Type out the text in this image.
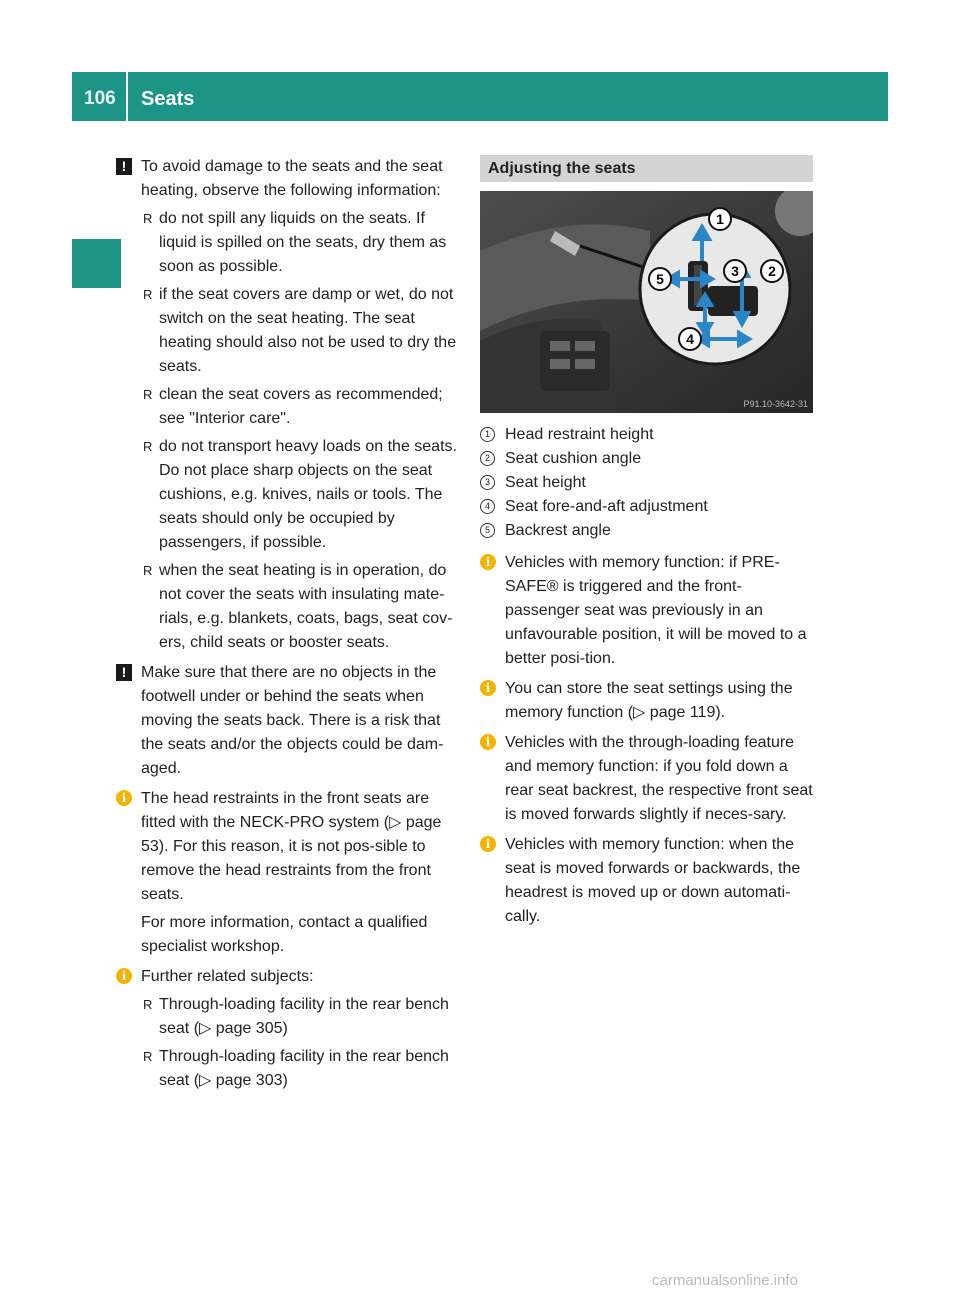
106 Seats
! To avoid damage to the seats and the seat heating, observe the following information:

R do not spill any liquids on the seats. If liquid is spilled on the seats, dry them as soon as possible.
R if the seat covers are damp or wet, do not switch on the seat heating. The seat heating should also not be used to dry the seats.
R clean the seat covers as recommended; see "Interior care".
R do not transport heavy loads on the seats. Do not place sharp objects on the seat cushions, e.g. knives, nails or tools. The seats should only be occupied by passengers, if possible.
R when the seat heating is in operation, do not cover the seats with insulating mate-rials, e.g. blankets, coats, bags, seat cov-ers, child seats or booster seats.
! Make sure that there are no objects in the footwell under or behind the seats when moving the seats back. There is a risk that the seats and/or the objects could be dam-aged.

i The head restraints in the front seats are fitted with the NECK-PRO system (▷ page 53). For this reason, it is not pos-sible to remove the head restraints from the front seats.

For more information, contact a qualified specialist workshop.

i Further related subjects:

R Through-loading facility in the rear bench seat (▷ page 305)
R Through-loading facility in the rear bench seat (▷ page 303)
Adjusting the seats
1
2
3
4
5
P91.10-3642-31
1 Head restraint height
2 Seat cushion angle
3 Seat height
4 Seat fore-and-aft adjustment
5 Backrest angle
i Vehicles with memory function: if PRE-SAFE® is triggered and the front-passenger seat was previously in an unfavourable position, it will be moved to a better posi-tion.

i You can store the seat settings using the memory function (▷ page 119).

i Vehicles with the through-loading feature and memory function: if you fold down a rear seat backrest, the respective front seat is moved forwards slightly if neces-sary.

i Vehicles with memory function: when the seat is moved forwards or backwards, the headrest is moved up or down automati-cally.

carmanualsonline.info
